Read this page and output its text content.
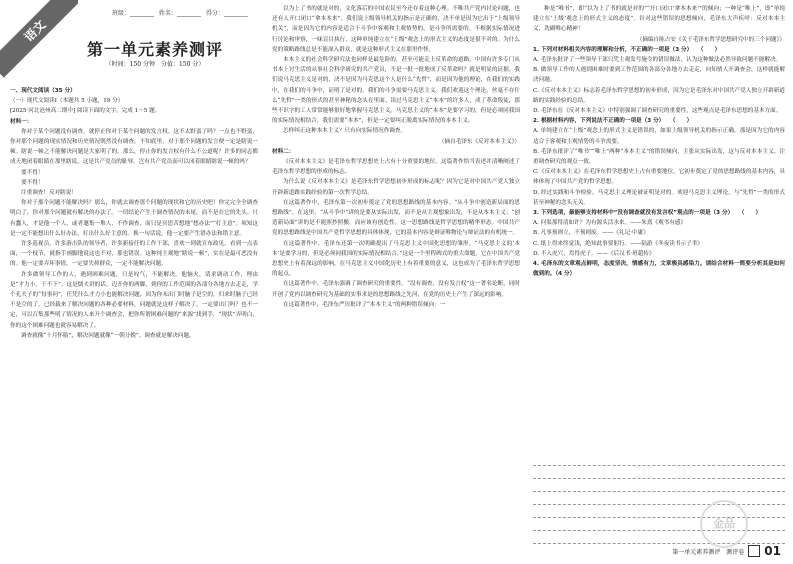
语文
班级：________ 姓名：________ 得分：________
第一单元素养测评
（时间：150 分钟　分值：150 分）

一、现代文阅读（35 分）

（一）现代文阅读Ⅰ（本题共 5 小题，19 分）

[2025·河北沧州高二期中] 阅读下面的文字，完成 1～5 题。

材料一：

你对于某个问题没有调查，就停止你对于某个问题的发言权。这不太野蛮了吗？一点也不野蛮，你对那个问题的现实情况和历史情况既然没有调查，不知底里，对于那个问题的发言便一定是瞎说一顿。瞎说一顿之不能解决问题是大家明了的，那么，停止你的发言权有什么不公道呢？许多的同志都成天地闭着眼睛在那里瞎说，这是共产党员的耻辱。岂有共产党员而可以闭着眼睛瞎说一顿的吗？

要不得！

要不得！

注重调查！反对瞎说！

你对于那个问题不能解决吗？那么，你就去调查那个问题的现状和它的历史吧！你完完全全调查明白了，你对那个问题就有解决的办法了。一切结论产生于调查情况的末尾，而不是在它的先头。只有蠢人，才是他一个人，或者邀集一堆人，不作调查，而只是冥思苦想地“想办法”“打主意”。须知这是一定不能想出什么好办法，打出什么好主意的。换一句话说，他一定要产生错办法和错主意。

许多巡视员，许多游击队的领导者，许多新接任的工作干部，喜欢一到就宣布政见，看到一点表面，一个枝节，就指手画脚地说这也不对，那也错误。这种纯主观地“瞎说一顿”，实在是最可恶没有的。他一定要弄坏事情，一定要失掉群众，一定不能解决问题。

许多做领导工作的人，遇到困难问题，只是叹气，不能解决。他恼火，请求调动工作，理由是“才力小，干不下”。这是懦夫讲的话。迈开你的两脚，到你的工作范围的各部分各地方去走走，学个孔夫子的“每事问”，任凭什么才力小也能解决问题，因为你未出门时脑子是空的，归来时脑子已经不是空的了，已经载来了解决问题的各种必要材料，问题就是这样子解决了。一定要出门吗？也不一定，可以召集那些明了情况的人来开个调查会，把你所谓困难问题的“来源”找到手，“现状”弄明白，你的这个困难问题也就容易解决了。

调查就像“十月怀胎”，解决问题就像“一朝分娩”。调查就是解决问题。

以为上了书的就是对的，文化落后的中国农民至今还存着这种心理。不唯共产党内讨论问题，也还有人开口闭口“拿本本来”。我们说上级领导机关的指示是正确的，决不单是因为它出于“上级领导机关”，而是因为它的内容是适合于斗争中客观和主观情势的，是斗争所需要的。不根据实际情况进行讨论和审察，一味盲目执行，这种单纯建立在“上级”观念上的形式主义的态度是很不对的。为什么党的策略路线总是不能深入群众，就是这种形式主义在那里作怪。

本本主义的社会科学研究法也同样是最危险的，甚至可能走上反革命的道路，中国有许多专门从书本上讨生活的从事社会科学研究的共产党员，不是一批一批地成了反革命吗？就是明显的证据。我们说马克思主义是对的，决不是因为马克思这个人是什么“先哲”，而是因为他的理论，在我们的实践中，在我们的斗争中，证明了是对的。我们的斗争需要马克思主义。我们欢迎这个理论，丝毫不存什么“先哲”一类的形式的甚至神秘的念头在里面。读过马克思主义“本本”的许多人，成了革命叛徒，那些不识字的工人常常能够很好地掌握马克思主义。马克思主义的“本本”是要学习的，但是必须同我国的实际情况相结合。我们需要“本本”，但是一定要纠正脱离实际情况的本本主义。

怎样纠正这种本本主义？只有向实际情况作调查。

（摘自毛泽东《反对本本主义》）

材料二：

《反对本本主义》是毛泽东哲学思想史上占有十分重要的地位。这篇著作恰当表述并清晰阐述了毛泽东哲学思想的形成的标志。

为什么说《反对本本主义》是毛泽东哲学思想初步形成的标志呢？因为它是对中国共产党人独立开辟新道路实践经验的第一次哲学总结。

在这篇著作中，毛泽东第一次初步奠定了党的思想路线的基本内容。“从斗争中创造新局面的思想路线”。在这里，“从斗争中”讲的是要从实际出发，而不是从主观想象出发，不是从本本主义；“创造新局面”讲的是不能照抄照搬，而应该有创造性。这一思想路线是哲学思想的精华形态。中国共产党的思想路线是中国共产党哲学思想的具体体现，它的基本内容是辩证唯物论与辩证法的有机统一。

在这篇著作中，毛泽东还第一次明确提出了马克思主义中国化思想的雏形。“马克思主义的‘本本’是要学习的，但是必须同我国的实际情况相结合。”这是一个里程碑式的重大命题，它在中国共产党思想史上有着深远的影响，在马克思主义中国化历史上有着重要的意义，这也成为了毛泽东哲学思想的起点。

在这篇著作中，毛泽东强调了调查研究的重要性。“没有调查，没有发言权”这一著名论断，同时开创了党内以调查研究为基础的实事求是的思想路线之先河，在党的历史上产生了深远的影响。

在这篇著作中，毛泽东严厉批评了“本本主义”的两种错误倾向：一

种是“唯书”，即“以为上了书的就是对的”“开口闭口‘拿本本来’”的倾向；一种是“唯上”，即“单纯建立在‘上级’观念上的形式主义的态度”。针对这些错误的思想倾向，毛泽东大声疾呼：反对本本主义，洗刷唯心精神！

（摘编自陈占安《关于毛泽东哲学思想研究中的三个问题》）

1. 下列对材料相关内容的理解和分析，不正确的一项是（3 分）　　（　　）

A. 毛泽东批评了一些领导干部只凭主观发号施令的错误做法，认为这种做法必然导致问题不能解决。

B. 做领导工作的人遇到困难时要到工作范围的各部分各地方去走走，向知情人开调查会，这样就能解决问题。

C.《反对本本主义》标志着毛泽东哲学思想的初步形成，因为它是毛泽东对中国共产党人独立开辟新道路的实践经验的总结。

D. 毛泽东在《反对本本主义》中特别强调了调查研究的重要性，这些观点是毛泽东思想的基本方面。

2. 根据材料内容，下列说法不正确的一项是（3 分）　　（　　）

A. 单纯建立在“上级”观念上的形式主义是错误的，如果上级领导机关的指示正确，那是因为它的内容适合于客观和主观情势的斗争需要。

B. 毛泽东批评了“唯书”“唯上”两种“本本主义”的错误倾向，主张从实际出发，这与反对本本主义、注重调查研究的观点一致。

C.《反对本本主义》在毛泽东哲学思想史上占有重要地位，它初步奠定了党的思想路线的基本内容，具体体现了中国共产党的哲学思想。

D. 经过实践和斗争检验，马克思主义理论被证明是对的。欢迎马克思主义理论，与“先哲”一类的形式甚至神秘的念头无关。

3. 下列选项，最能够支持材料中“没有调查就没有发言权”观点的一项是（3 分）　　（　　）

A. 问渠那得清如许？为有源头活水来。——朱熹《观书有感》

B. 凡事预则立，不预则废。——《礼记·中庸》

C. 纸上得来终觉浅，绝知此事要躬行。——陆游《冬夜读书示子聿》

D. 不入虎穴，焉得虎子。——《后汉书·班超传》

4. 毛泽东的文章观点鲜明，态度坚决，情感有力，文章极具感染力。请结合材料一简要分析其是如何做到的。（4 分）

金品
第一单元素养测评　测评卷 01
